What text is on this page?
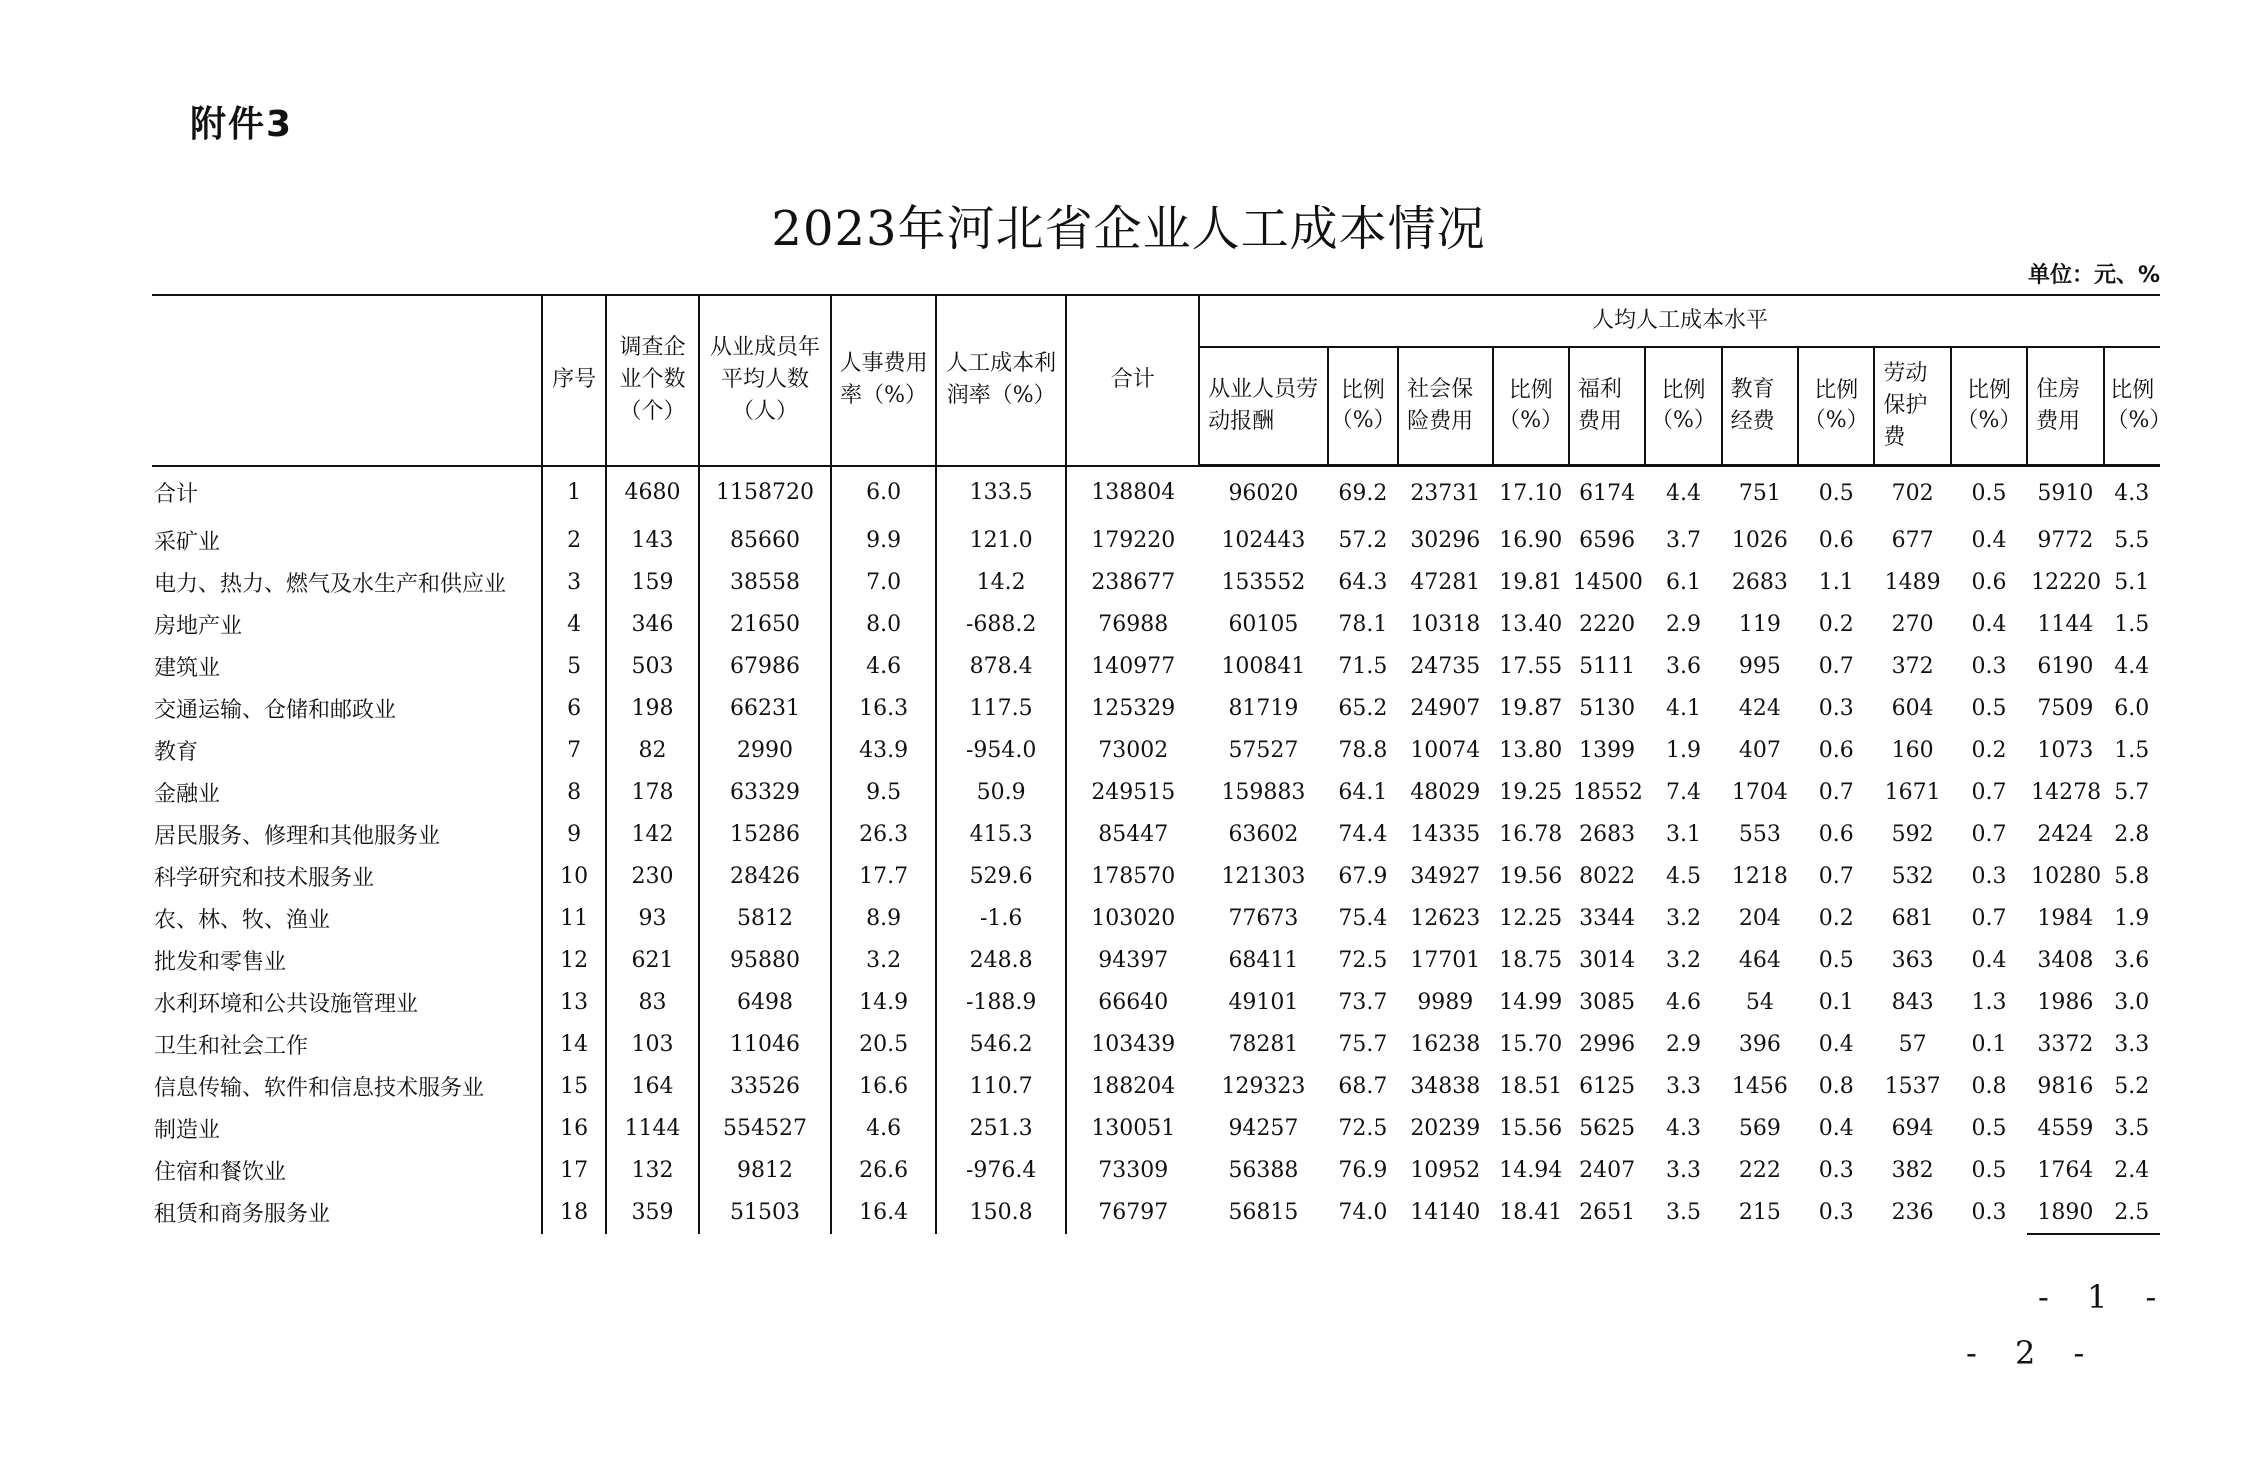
附件3
2023年河北省企业人工成本情况
单位：元、%
	序号	调查企业个数（个）	从业成员年平均人数（人）	人事费用率（%）	人工成本利润率（%）	合计	人均人工成本水平											
							从业人员劳动报酬	比例（%）	社会保险费用	比例（%）	福利费用	比例（%）	教育经费	比例（%）	劳动保护费	比例（%）	住房费用	比例（%）
合计	1	4680	1158720	6.0	133.5	138804	96020	69.2	23731	17.10	6174	4.4	751	0.5	702	0.5	5910	4.3
采矿业	2	143	85660	9.9	121.0	179220	102443	57.2	30296	16.90	6596	3.7	1026	0.6	677	0.4	9772	5.5
电力、热力、燃气及水生产和供应业	3	159	38558	7.0	14.2	238677	153552	64.3	47281	19.81	14500	6.1	2683	1.1	1489	0.6	12220	5.1
房地产业	4	346	21650	8.0	-688.2	76988	60105	78.1	10318	13.40	2220	2.9	119	0.2	270	0.4	1144	1.5
建筑业	5	503	67986	4.6	878.4	140977	100841	71.5	24735	17.55	5111	3.6	995	0.7	372	0.3	6190	4.4
交通运输、仓储和邮政业	6	198	66231	16.3	117.5	125329	81719	65.2	24907	19.87	5130	4.1	424	0.3	604	0.5	7509	6.0
教育	7	82	2990	43.9	-954.0	73002	57527	78.8	10074	13.80	1399	1.9	407	0.6	160	0.2	1073	1.5
金融业	8	178	63329	9.5	50.9	249515	159883	64.1	48029	19.25	18552	7.4	1704	0.7	1671	0.7	14278	5.7
居民服务、修理和其他服务业	9	142	15286	26.3	415.3	85447	63602	74.4	14335	16.78	2683	3.1	553	0.6	592	0.7	2424	2.8
科学研究和技术服务业	10	230	28426	17.7	529.6	178570	121303	67.9	34927	19.56	8022	4.5	1218	0.7	532	0.3	10280	5.8
农、林、牧、渔业	11	93	5812	8.9	-1.6	103020	77673	75.4	12623	12.25	3344	3.2	204	0.2	681	0.7	1984	1.9
批发和零售业	12	621	95880	3.2	248.8	94397	68411	72.5	17701	18.75	3014	3.2	464	0.5	363	0.4	3408	3.6
水利环境和公共设施管理业	13	83	6498	14.9	-188.9	66640	49101	73.7	9989	14.99	3085	4.6	54	0.1	843	1.3	1986	3.0
卫生和社会工作	14	103	11046	20.5	546.2	103439	78281	75.7	16238	15.70	2996	2.9	396	0.4	57	0.1	3372	3.3
信息传输、软件和信息技术服务业	15	164	33526	16.6	110.7	188204	129323	68.7	34838	18.51	6125	3.3	1456	0.8	1537	0.8	9816	5.2
制造业	16	1144	554527	4.6	251.3	130051	94257	72.5	20239	15.56	5625	4.3	569	0.4	694	0.5	4559	3.5
住宿和餐饮业	17	132	9812	26.6	-976.4	73309	56388	76.9	10952	14.94	2407	3.3	222	0.3	382	0.5	1764	2.4
租赁和商务服务业	18	359	51503	16.4	150.8	76797	56815	74.0	14140	18.41	2651	3.5	215	0.3	236	0.3	1890	2.5
- 1 -
- 2 -
